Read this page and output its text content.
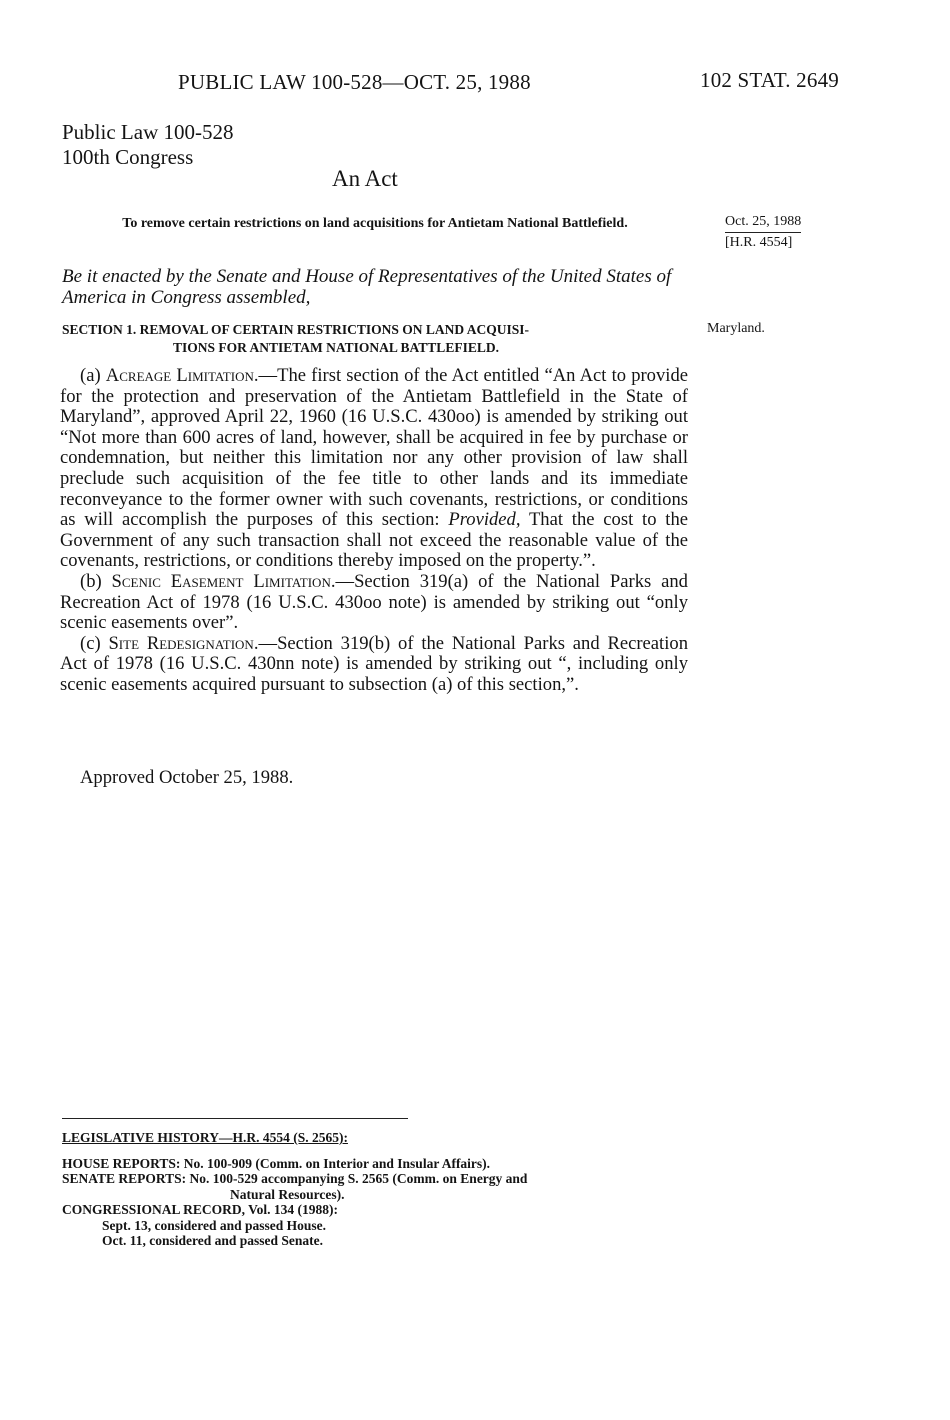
PUBLIC LAW 100-528—OCT. 25, 1988	102 STAT. 2649
Public Law 100-528
100th Congress
An Act
To remove certain restrictions on land acquisitions for Antietam National Battlefield.	Oct. 25, 1988
[H.R. 4554]
Be it enacted by the Senate and House of Representatives of the United States of America in Congress assembled,
SECTION 1. REMOVAL OF CERTAIN RESTRICTIONS ON LAND ACQUISI-
TIONS FOR ANTIETAM NATIONAL BATTLEFIELD.
Maryland.

(a) Acreage Limitation.—The first section of the Act entitled “An Act to provide for the protection and preservation of the Antietam Battlefield in the State of Maryland”, approved April 22, 1960 (16 U.S.C. 430oo) is amended by striking out “Not more than 600 acres of land, however, shall be acquired in fee by purchase or condemnation, but neither this limitation nor any other provision of law shall preclude such acquisition of the fee title to other lands and its immediate reconveyance to the former owner with such covenants, restrictions, or conditions as will accomplish the purposes of this section: Provided, That the cost to the Government of any such transaction shall not exceed the reasonable value of the covenants, restrictions, or conditions thereby imposed on the property.”.

(b) Scenic Easement Limitation.—Section 319(a) of the National Parks and Recreation Act of 1978 (16 U.S.C. 430oo note) is amended by striking out “only scenic easements over”.

(c) Site Redesignation.—Section 319(b) of the National Parks and Recreation Act of 1978 (16 U.S.C. 430nn note) is amended by striking out “, including only scenic easements acquired pursuant to subsection (a) of this section,”.

Approved October 25, 1988.
LEGISLATIVE HISTORY—H.R. 4554 (S. 2565):
HOUSE REPORTS: No. 100-909 (Comm. on Interior and Insular Affairs).
SENATE REPORTS: No. 100-529 accompanying S. 2565 (Comm. on Energy and
Natural Resources).
CONGRESSIONAL RECORD, Vol. 134 (1988):
Sept. 13, considered and passed House.
Oct. 11, considered and passed Senate.
